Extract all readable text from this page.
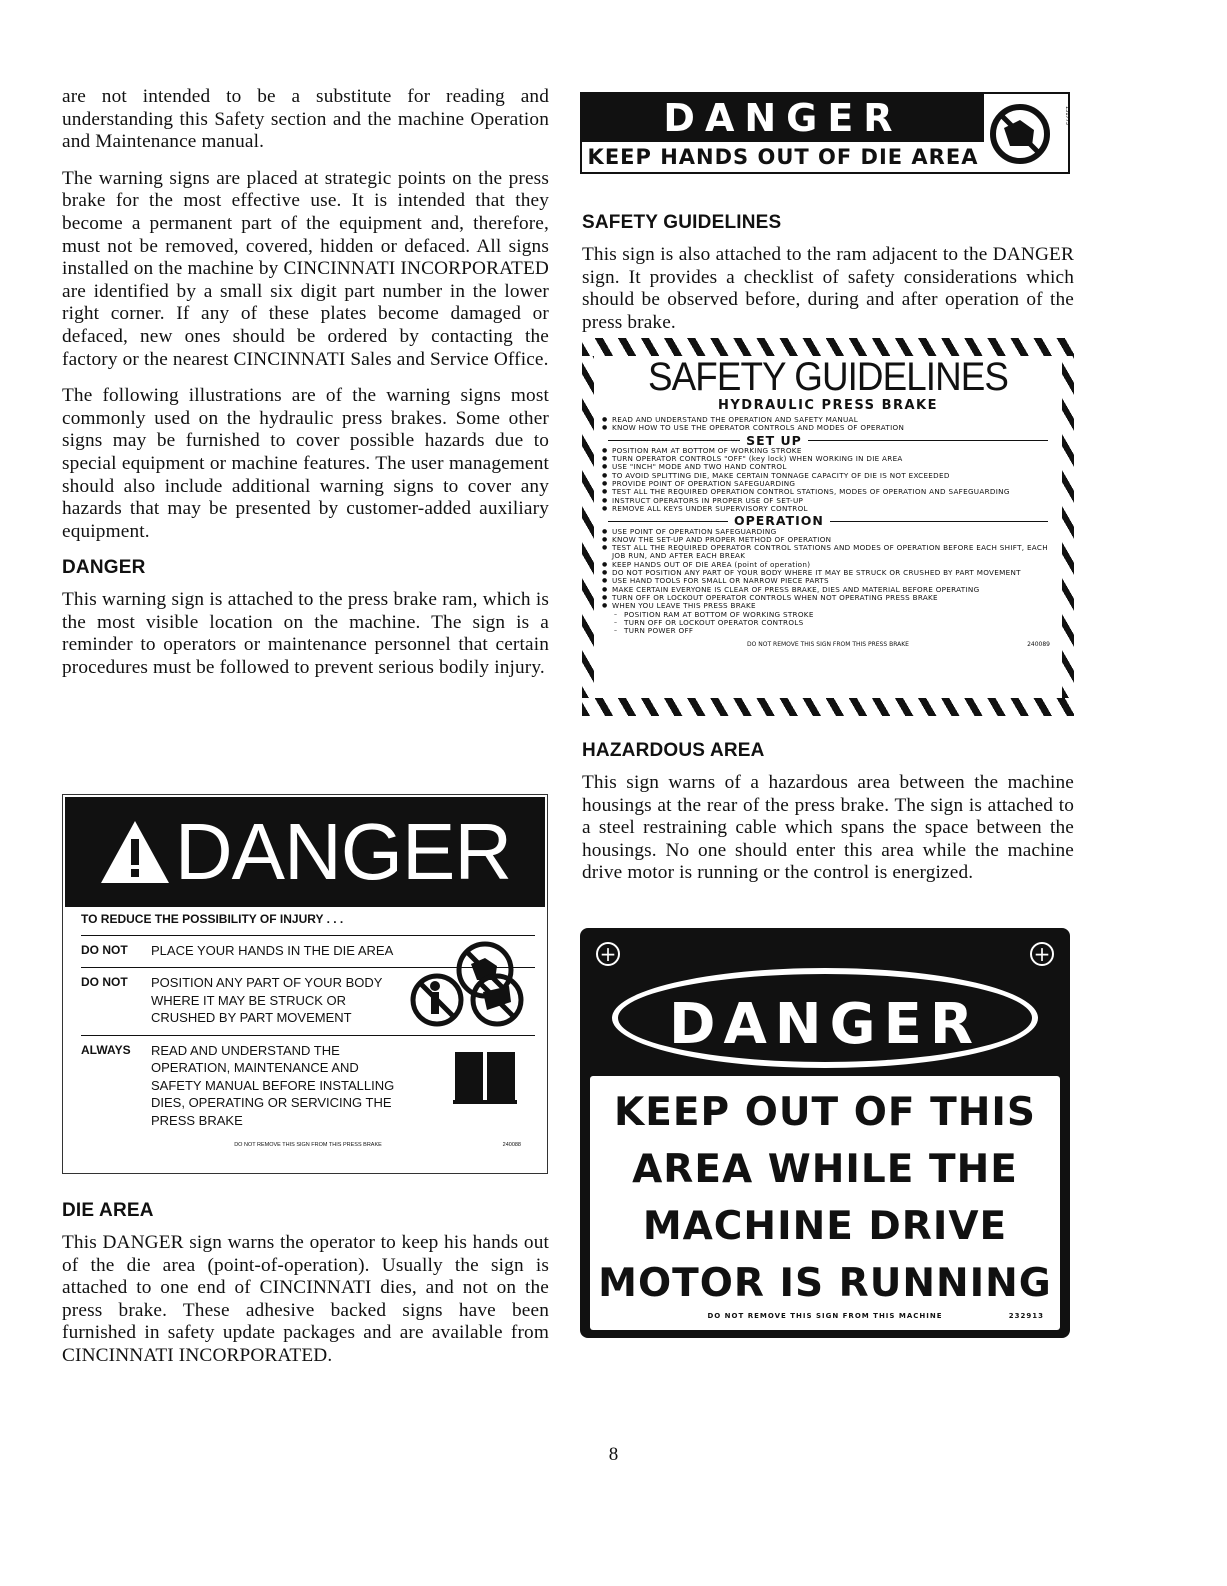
are not intended to be a substitute for reading and understanding this Safety section and the machine Operation and Maintenance manual.

The warning signs are placed at strategic points on the press brake for the most effective use. It is intended that they become a permanent part of the equipment and, therefore, must not be removed, covered, hidden or defaced. All signs installed on the machine by CINCINNATI INCORPORATED are identified by a small six digit part number in the lower right corner. If any of these plates become damaged or defaced, new ones should be ordered by contacting the factory or the nearest CINCINNATI Sales and Service Office.

The following illustrations are of the warning signs most commonly used on the hydraulic press brakes. Some other signs may be furnished to cover possible hazards due to special equipment or machine features. The user management should also include additional warning signs to cover any hazards that may be presented by customer-added auxiliary equipment.

DANGER

This warning sign is attached to the press brake ram, which is the most visible location on the machine. The sign is a reminder to operators or maintenance personnel that certain procedures must be followed to prevent serious bodily injury.

DANGER
TO REDUCE THE POSSIBILITY OF INJURY . . .
DO NOT	PLACE YOUR HANDS IN THE DIE AREA
DO NOT	POSITION ANY PART OF YOUR BODY WHERE IT MAY BE STRUCK OR CRUSHED BY PART MOVEMENT

ALWAYS	READ AND UNDERSTAND THE OPERATION, MAINTENANCE AND SAFETY MANUAL BEFORE INSTALLING DIES, OPERATING OR SERVICING THE PRESS BRAKE
DO NOT REMOVE THIS SIGN FROM THIS PRESS BRAKE	240088
DIE AREA

This DANGER sign warns the operator to keep his hands out of the die area (point-of-operation). Usually the sign is attached to one end of CINCINNATI dies, and not on the press brake. These adhesive backed signs have been furnished in safety update packages and are available from CINCINNATI INCORPORATED.

DANGER
KEEP HANDS OUT OF DIE AREA
131775
SAFETY GUIDELINES

This sign is also attached to the ram adjacent to the DANGER sign. It provides a checklist of safety considerations which should be observed before, during and after operation of the press brake.

SAFETY GUIDELINES
HYDRAULIC PRESS BRAKE
● READ AND UNDERSTAND THE OPERATION AND SAFETY MANUAL
● KNOW HOW TO USE THE OPERATOR CONTROLS AND MODES OF OPERATION
SET UP
● POSITION RAM AT BOTTOM OF WORKING STROKE
● TURN OPERATOR CONTROLS "OFF" (key lock) WHEN WORKING IN DIE AREA
● USE "INCH" MODE AND TWO HAND CONTROL
● TO AVOID SPLITTING DIE, MAKE CERTAIN TONNAGE CAPACITY OF DIE IS NOT EXCEEDED
● PROVIDE POINT OF OPERATION SAFEGUARDING
● TEST ALL THE REQUIRED OPERATION CONTROL STATIONS, MODES OF OPERATION AND SAFEGUARDING
● INSTRUCT OPERATORS IN PROPER USE OF SET-UP
● REMOVE ALL KEYS UNDER SUPERVISORY CONTROL
OPERATION
● USE POINT OF OPERATION SAFEGUARDING
● KNOW THE SET-UP AND PROPER METHOD OF OPERATION
● TEST ALL THE REQUIRED OPERATOR CONTROL STATIONS AND MODES OF OPERATION BEFORE EACH SHIFT, EACH JOB RUN, AND AFTER EACH BREAK
● KEEP HANDS OUT OF DIE AREA (point of operation)
● DO NOT POSITION ANY PART OF YOUR BODY WHERE IT MAY BE STRUCK OR CRUSHED BY PART MOVEMENT
● USE HAND TOOLS FOR SMALL OR NARROW PIECE PARTS
● MAKE CERTAIN EVERYONE IS CLEAR OF PRESS BRAKE, DIES AND MATERIAL BEFORE OPERATING
● TURN OFF OR LOCKOUT OPERATOR CONTROLS WHEN NOT OPERATING PRESS BRAKE
● WHEN YOU LEAVE THIS PRESS BRAKE
– POSITION RAM AT BOTTOM OF WORKING STROKE
– TURN OFF OR LOCKOUT OPERATOR CONTROLS
– TURN POWER OFF
DO NOT REMOVE THIS SIGN FROM THIS PRESS BRAKE	240089
HAZARDOUS AREA

This sign warns of a hazardous area between the machine housings at the rear of the press brake. The sign is attached to a steel restraining cable which spans the space between the housings. No one should enter this area while the machine drive motor is running or the control is energized.

+	+
DANGER
KEEP OUT OF THIS
AREA WHILE THE
MACHINE DRIVE
MOTOR IS RUNNING
DO NOT REMOVE THIS SIGN FROM THIS MACHINE	232913
8
